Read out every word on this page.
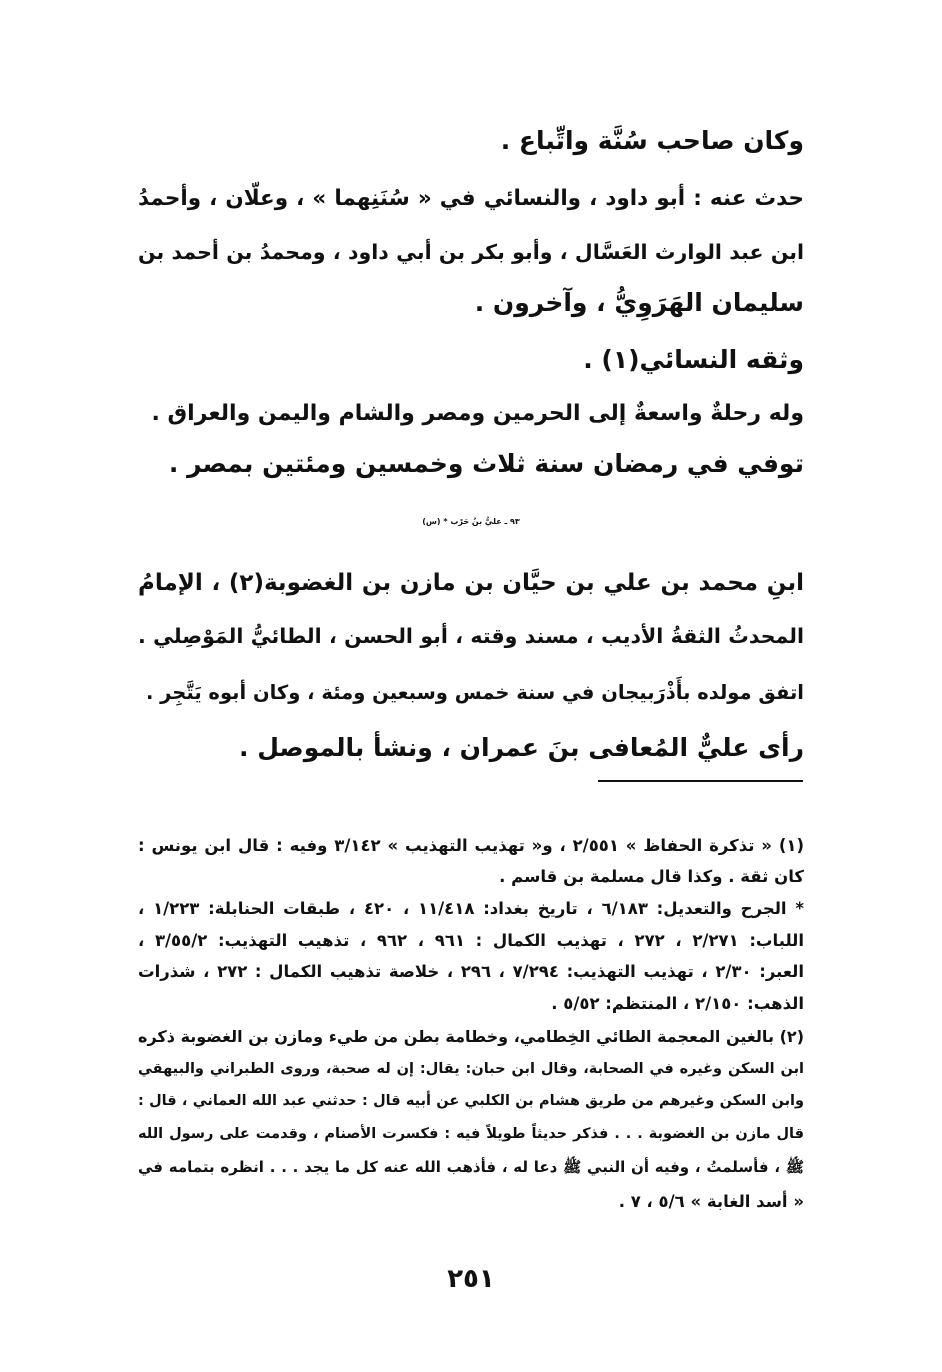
وكان صاحب سُنَّة واتِّباع .
حدث عنه : أبو داود ، والنسائي في « سُنَنِهما » ، وعلّان ، وأحمدُ
ابن عبد الوارث العَسَّال ، وأبو بكر بن أبي داود ، ومحمدُ بن أحمد بن
سليمان الهَرَوِيُّ ، وآخرون .
وثقه النسائي(١) .
وله رحلةٌ واسعةٌ إلى الحرمين ومصر والشام واليمن والعراق .
توفي في رمضان سنة ثلاث وخمسين ومئتين بمصر .
٩٣ ـ عليُّ بنُ حَرْب * (س)
ابنِ محمد بن علي بن حيَّان بن مازن بن الغضوبة(٢) ، الإمامُ
المحدثُ الثقةُ الأديب ، مسند وقته ، أبو الحسن ، الطائيُّ المَوْصِلي .
اتفق مولده بأَذْرَبيجان في سنة خمس وسبعين ومئة ، وكان أبوه يَتَّجِر .
رأى عليٌّ المُعافى بنَ عمران ، ونشأ بالموصل .
(١) « تذكرة الحفاظ » ٢/٥٥١ ، و« تهذيب التهذيب » ٣/١٤٢ وفيه : قال ابن يونس :
كان ثقة . وكذا قال مسلمة بن قاسم .
* الجرح والتعديل: ٦/١٨٣ ، تاريخ بغداد: ١١/٤١٨ ، ٤٢٠ ، طبقات الحنابلة: ١/٢٢٣ ،
اللباب: ٢/٢٧١ ، ٢٧٢ ، تهذيب الكمال : ٩٦١ ، ٩٦٢ ، تذهيب التهذيب: ٣/٥٥/٢ ،
العبر: ٢/٣٠ ، تهذيب التهذيب: ٧/٢٩٤ ، ٢٩٦ ، خلاصة تذهيب الكمال : ٢٧٢ ، شذرات
الذهب: ٢/١٥٠ ، المنتظم: ٥/٥٢ .
(٢) بالغين المعجمة الطائي الخِطامي، وخطامة بطن من طيء ومازن بن الغضوبة ذكره
ابن السكن وغيره في الصحابة، وقال ابن حبان: يقال: إن له صحبة، وروى الطبراني والبيهقي
وابن السكن وغيرهم من طريق هشام بن الكلبي عن أبيه قال : حدثني عبد الله العماني ، قال :
قال مازن بن الغضوبة . . . فذكر حديثاً طويلاً فيه : فكسرت الأصنام ، وقدمت على رسول الله
ﷺ ، فأسلمتُ ، وفيه أن النبي ﷺ دعا له ، فأذهب الله عنه كل ما يجد . . . انظره بتمامه في
« أسد الغابة » ٥/٦ ، ٧ .
٢٥١
